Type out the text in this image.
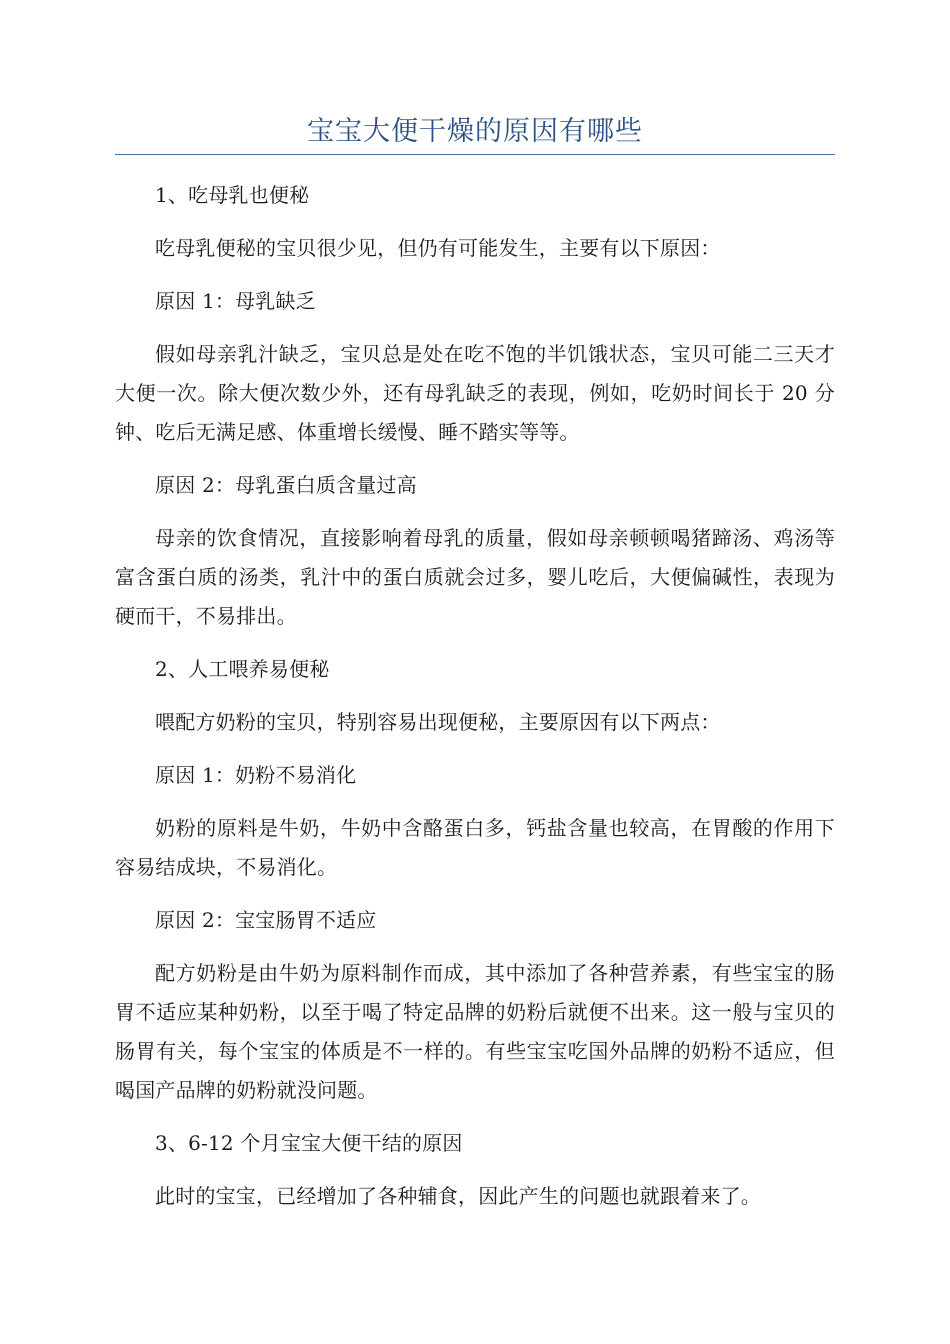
宝宝大便干燥的原因有哪些

1、吃母乳也便秘

吃母乳便秘的宝贝很少见，但仍有可能发生，主要有以下原因：

原因 1：母乳缺乏

假如母亲乳汁缺乏，宝贝总是处在吃不饱的半饥饿状态，宝贝可能二三天才大便一次。除大便次数少外，还有母乳缺乏的表现，例如，吃奶时间长于 20 分钟、吃后无满足感、体重增长缓慢、睡不踏实等等。

原因 2：母乳蛋白质含量过高

母亲的饮食情况，直接影响着母乳的质量，假如母亲顿顿喝猪蹄汤、鸡汤等富含蛋白质的汤类，乳汁中的蛋白质就会过多，婴儿吃后，大便偏碱性，表现为硬而干，不易排出。

2、人工喂养易便秘

喂配方奶粉的宝贝，特别容易出现便秘，主要原因有以下两点：

原因 1：奶粉不易消化

奶粉的原料是牛奶，牛奶中含酪蛋白多，钙盐含量也较高，在胃酸的作用下容易结成块，不易消化。

原因 2：宝宝肠胃不适应

配方奶粉是由牛奶为原料制作而成，其中添加了各种营养素，有些宝宝的肠胃不适应某种奶粉，以至于喝了特定品牌的奶粉后就便不出来。这一般与宝贝的肠胃有关，每个宝宝的体质是不一样的。有些宝宝吃国外品牌的奶粉不适应，但喝国产品牌的奶粉就没问题。

3、6-12 个月宝宝大便干结的原因

此时的宝宝，已经增加了各种辅食，因此产生的问题也就跟着来了。
